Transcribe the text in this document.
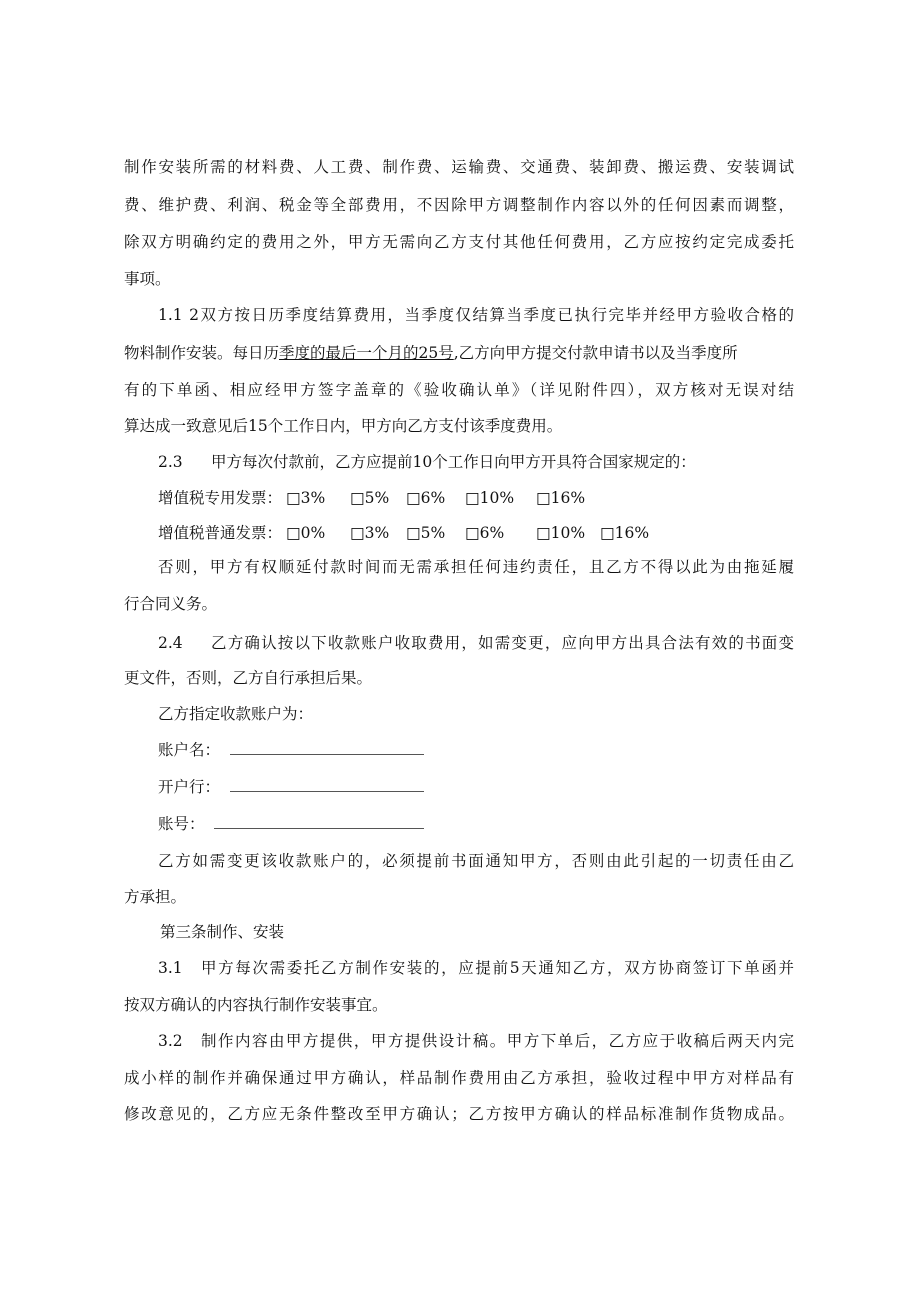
制作安装所需的材料费、人工费、制作费、运输费、交通费、装卸费、搬运费、安装调试
费、维护费、利润、税金等全部费用，不因除甲方调整制作内容以外的任何因素而调整，
除双方明确约定的费用之外，甲方无需向乙方支付其他任何费用，乙方应按约定完成委托
事项。
1.1 2双方按日历季度结算费用，当季度仅结算当季度已执行完毕并经甲方验收合格的
物料制作安装。每日历季度的最后一个月的25号,乙方向甲方提交付款申请书以及当季度所
有的下单函、相应经甲方签字盖章的《验收确认单》（详见附件四），双方核对无误对结
算达成一致意见后15个工作日内，甲方向乙方支付该季度费用。
2.3 甲方每次付款前，乙方应提前10个工作日向甲方开具符合国家规定的：
增值税专用发票： □3% □5% □6% □10% □16%
增值税普通发票： □0% □3% □5% □6% □10% □16%
否则，甲方有权顺延付款时间而无需承担任何违约责任，且乙方不得以此为由拖延履
行合同义务。
2.4 乙方确认按以下收款账户收取费用，如需变更，应向甲方出具合法有效的书面变
更文件，否则，乙方自行承担后果。
乙方指定收款账户为：
账户名：
开户行：
账号：
乙方如需变更该收款账户的，必须提前书面通知甲方，否则由此引起的一切责任由乙
方承担。
第三条制作、安装
3.1 甲方每次需委托乙方制作安装的，应提前5天通知乙方，双方协商签订下单函并
按双方确认的内容执行制作安装事宜。
3.2 制作内容由甲方提供，甲方提供设计稿。甲方下单后，乙方应于收稿后两天内完
成小样的制作并确保通过甲方确认，样品制作费用由乙方承担，验收过程中甲方对样品有
修改意见的，乙方应无条件整改至甲方确认；乙方按甲方确认的样品标准制作货物成品。
